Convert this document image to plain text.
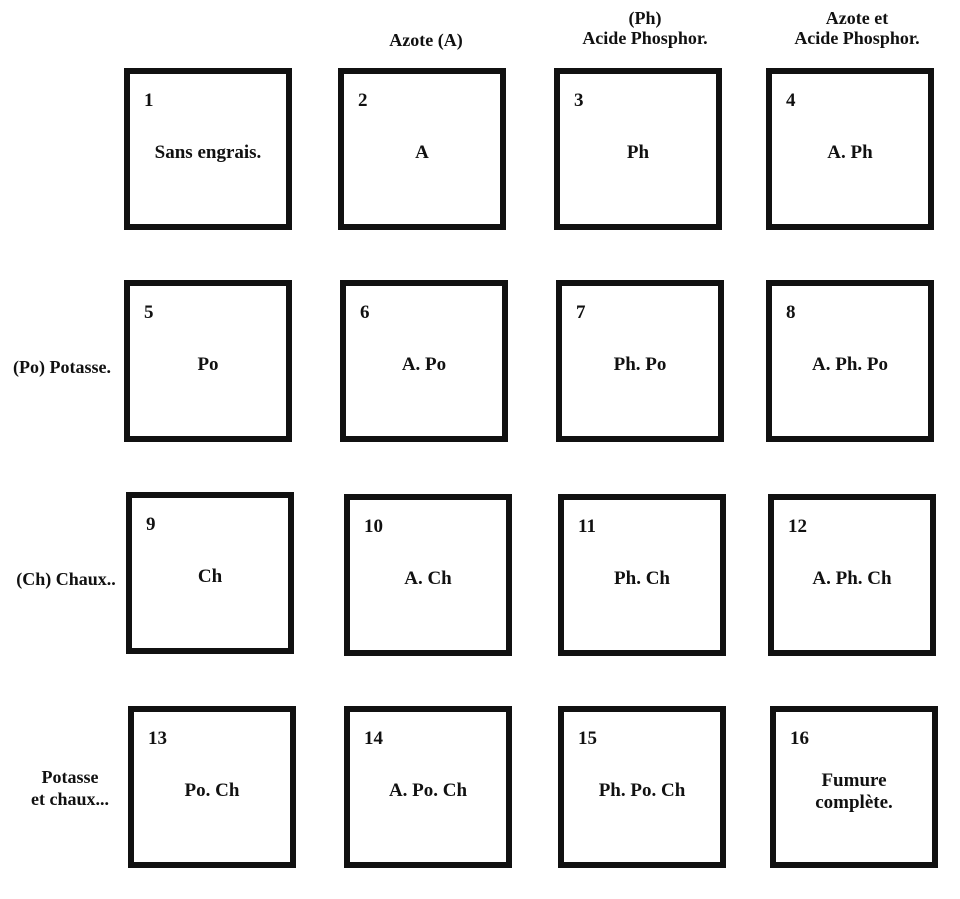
Azote (A)
(Ph)
Acide Phosphor.
Azote et
Acide Phosphor.
(Po) Potasse.
(Ch) Chaux..
Potasse
et chaux...
1
Sans engrais.
2
A
3
Ph
4
A. Ph
5
Po
6
A. Po
7
Ph. Po
8
A. Ph. Po
9
Ch
10
A. Ch
11
Ph. Ch
12
A. Ph. Ch
13
Po. Ch
14
A. Po. Ch
15
Ph. Po. Ch
16
Fumure
complète.
